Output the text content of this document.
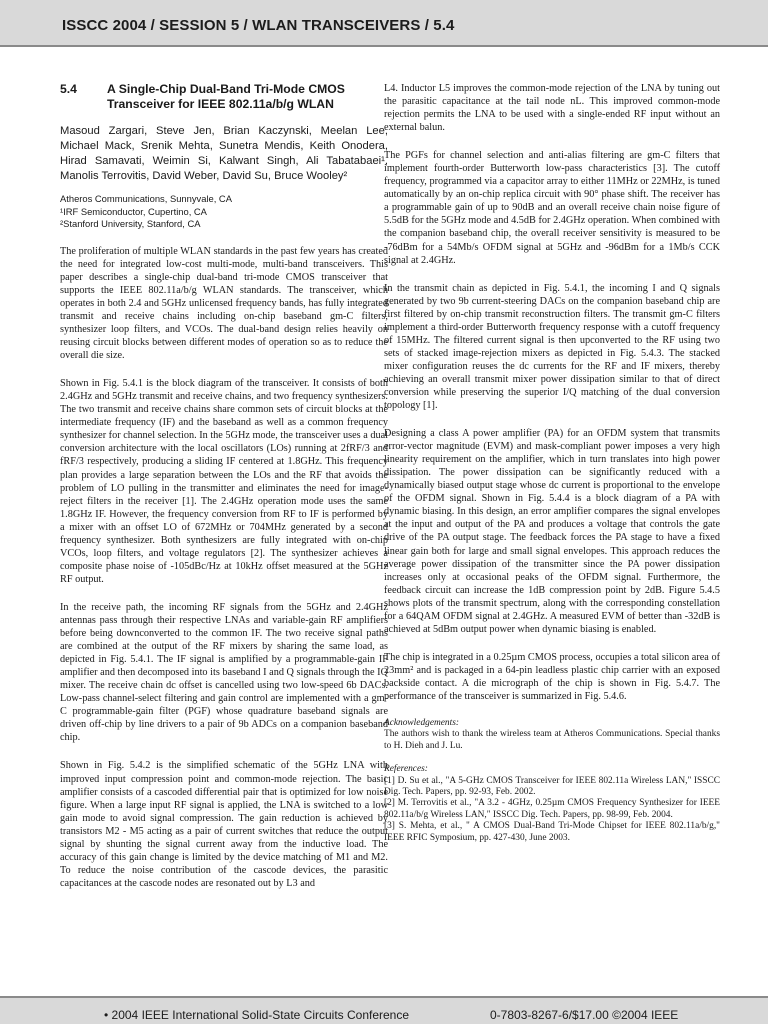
ISSCC 2004 / SESSION 5 / WLAN TRANSCEIVERS / 5.4
5.4 A Single-Chip Dual-Band Tri-Mode CMOS Transceiver for IEEE 802.11a/b/g WLAN
Masoud Zargari, Steve Jen, Brian Kaczynski, Meelan Lee, Michael Mack, Srenik Mehta, Sunetra Mendis, Keith Onodera, Hirad Samavati, Weimin Si, Kalwant Singh, Ali Tabatabaei¹, Manolis Terrovitis, David Weber, David Su, Bruce Wooley²
Atheros Communications, Sunnyvale, CA
¹IRF Semiconductor, Cupertino, CA
²Stanford University, Stanford, CA

The proliferation of multiple WLAN standards in the past few years has created the need for integrated low-cost multi-mode, multi-band transceivers. This paper describes a single-chip dual-band tri-mode CMOS transceiver that supports the IEEE 802.11a/b/g WLAN standards. The transceiver, which operates in both 2.4 and 5GHz unlicensed frequency bands, has fully integrated transmit and receive chains including on-chip baseband gm-C filters, synthesizer loop filters, and VCOs. The dual-band design relies heavily on reusing circuit blocks between different modes of operation so as to reduce the overall die size.

Shown in Fig. 5.4.1 is the block diagram of the transceiver. It consists of both 2.4GHz and 5GHz transmit and receive chains, and two frequency synthesizers. The two transmit and receive chains share common sets of circuit blocks at the intermediate frequency (IF) and the baseband as well as a common frequency synthesizer for channel selection. In the 5GHz mode, the transceiver uses a dual conversion architecture with the local oscillators (LOs) running at 2fRF/3 and fRF/3 respectively, producing a sliding IF centered at 1.8GHz. This frequency plan provides a large separation between the LOs and the RF that avoids the problem of LO pulling in the transmitter and eliminates the need for image-reject filters in the receiver [1]. The 2.4GHz operation mode uses the same 1.8GHz IF. However, the frequency conversion from RF to IF is performed by a mixer with an offset LO of 672MHz or 704MHz generated by a second frequency synthesizer. Both synthesizers are fully integrated with on-chip VCOs, loop filters, and voltage regulators [2]. The synthesizer achieves a composite phase noise of -105dBc/Hz at 10kHz offset measured at the 5GHz RF output.

In the receive path, the incoming RF signals from the 5GHz and 2.4GHz antennas pass through their respective LNAs and variable-gain RF amplifiers before being downconverted to the common IF. The two receive signal paths are combined at the output of the RF mixers by sharing the same load, as depicted in Fig. 5.4.1. The IF signal is amplified by a programmable-gain IF amplifier and then decomposed into its baseband I and Q signals through the IQ mixer. The receive chain dc offset is cancelled using two low-speed 6b DACs. Low-pass channel-select filtering and gain control are implemented with a gm-C programmable-gain filter (PGF) whose quadrature baseband signals are driven off-chip by line drivers to a pair of 9b ADCs on a companion baseband chip.

Shown in Fig. 5.4.2 is the simplified schematic of the 5GHz LNA with improved input compression point and common-mode rejection. The basic amplifier consists of a cascoded differential pair that is optimized for low noise figure. When a large input RF signal is applied, the LNA is switched to a low gain mode to avoid signal compression. The gain reduction is achieved by transistors M2 - M5 acting as a pair of current switches that reduce the output signal by shunting the signal current away from the inductive load. The accuracy of this gain change is limited by the device matching of M1 and M2. To reduce the noise contribution of the cascode devices, the parasitic capacitances at the cascode nodes are resonated out by L3 and

L4. Inductor L5 improves the common-mode rejection of the LNA by tuning out the parasitic capacitance at the tail node nL. This improved common-mode rejection permits the LNA to be used with a single-ended RF input without an external balun.

The PGFs for channel selection and anti-alias filtering are gm-C filters that implement fourth-order Butterworth low-pass characteristics [3]. The cutoff frequency, programmed via a capacitor array to either 11MHz or 22MHz, is tuned automatically by an on-chip replica circuit with 90° phase shift. The receiver has a programmable gain of up to 90dB and an overall receive chain noise figure of 5.5dB for the 5GHz mode and 4.5dB for 2.4GHz operation. When combined with the companion baseband chip, the overall receiver sensitivity is measured to be -76dBm for a 54Mb/s OFDM signal at 5GHz and -96dBm for a 1Mb/s CCK signal at 2.4GHz.

In the transmit chain as depicted in Fig. 5.4.1, the incoming I and Q signals generated by two 9b current-steering DACs on the companion baseband chip are first filtered by on-chip transmit reconstruction filters. The transmit gm-C filters implement a third-order Butterworth frequency response with a cutoff frequency of 15MHz. The filtered current signal is then upconverted to the RF using two sets of stacked image-rejection mixers as depicted in Fig. 5.4.3. The stacked mixer configuration reuses the dc currents for the RF and IF mixers, thereby achieving an overall transmit mixer power dissipation similar to that of direct conversion while preserving the superior I/Q matching of the dual conversion topology [1].

Designing a class A power amplifier (PA) for an OFDM system that transmits error-vector magnitude (EVM) and mask-compliant power imposes a very high linearity requirement on the amplifier, which in turn translates into high power dissipation. The power dissipation can be significantly reduced with a dynamically biased output stage whose dc current is proportional to the envelope of the OFDM signal. Shown in Fig. 5.4.4 is a block diagram of a PA with dynamic biasing. In this design, an error amplifier compares the signal envelopes at the input and output of the PA and produces a voltage that controls the gate drive of the PA output stage. The feedback forces the PA stage to have a fixed linear gain both for large and small signal envelopes. This approach reduces the average power dissipation of the transmitter since the PA power dissipation increases only at occasional peaks of the OFDM signal. Furthermore, the feedback circuit can increase the 1dB compression point by 2dB. Figure 5.4.5 shows plots of the transmit spectrum, along with the corresponding constellation for a 64QAM OFDM signal at 2.4GHz. A measured EVM of better than -32dB is achieved at 5dBm output power when dynamic biasing is enabled.

The chip is integrated in a 0.25µm CMOS process, occupies a total silicon area of 23mm² and is packaged in a 64-pin leadless plastic chip carrier with an exposed backside contact. A die micrograph of the chip is shown in Fig. 5.4.7. The performance of the transceiver is summarized in Fig. 5.4.6.

Acknowledgements:
The authors wish to thank the wireless team at Atheros Communications. Special thanks to H. Dieh and J. Lu.
References:
[1] D. Su et al., "A 5-GHz CMOS Transceiver for IEEE 802.11a Wireless LAN," ISSCC Dig. Tech. Papers, pp. 92-93, Feb. 2002.
[2] M. Terrovitis et al., "A 3.2 - 4GHz, 0.25µm CMOS Frequency Synthesizer for IEEE 802.11a/b/g Wireless LAN," ISSCC Dig. Tech. Papers, pp. 98-99, Feb. 2004.
[3] S. Mehta, et al., " A CMOS Dual-Band Tri-Mode Chipset for IEEE 802.11a/b/g," IEEE RFIC Symposium, pp. 427-430, June 2003.
• 2004 IEEE International Solid-State Circuits Conference	0-7803-8267-6/$17.00 ©2004 IEEE
